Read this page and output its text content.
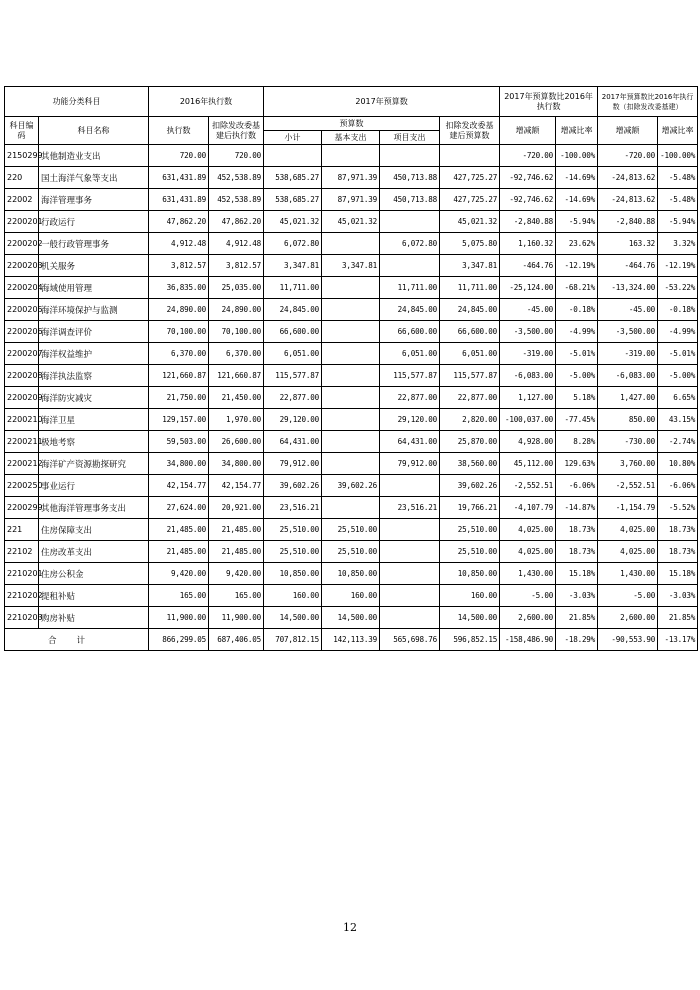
功能分类科目		2016年执行数		2017年预算数				2017年预算数比2016年执行数		2017年预算数比2016年执行数（扣除发改委基建）	
科目编码	科目名称	执行数	扣除发改委基建后执行数	预算数			扣除发改委基建后预算数	增减额	增减比率	增减额	增减比率
				小计	基本支出	项目支出					
2150299	其他制造业支出	720.00	720.00					-720.00	-100.00%	-720.00	-100.00%
220	国土海洋气象等支出	631,431.89	452,538.89	538,685.27	87,971.39	450,713.88	427,725.27	-92,746.62	-14.69%	-24,813.62	-5.48%
22002	海洋管理事务	631,431.89	452,538.89	538,685.27	87,971.39	450,713.88	427,725.27	-92,746.62	-14.69%	-24,813.62	-5.48%
2200201	行政运行	47,862.20	47,862.20	45,021.32	45,021.32		45,021.32	-2,840.88	-5.94%	-2,840.88	-5.94%
2200202	一般行政管理事务	4,912.48	4,912.48	6,072.80		6,072.80	5,075.80	1,160.32	23.62%	163.32	3.32%
2200203	机关服务	3,812.57	3,812.57	3,347.81	3,347.81		3,347.81	-464.76	-12.19%	-464.76	-12.19%
2200204	海域使用管理	36,835.00	25,035.00	11,711.00		11,711.00	11,711.00	-25,124.00	-68.21%	-13,324.00	-53.22%
2200205	海洋环境保护与监测	24,890.00	24,890.00	24,845.00		24,845.00	24,845.00	-45.00	-0.18%	-45.00	-0.18%
2200206	海洋调查评价	70,100.00	70,100.00	66,600.00		66,600.00	66,600.00	-3,500.00	-4.99%	-3,500.00	-4.99%
2200207	海洋权益维护	6,370.00	6,370.00	6,051.00		6,051.00	6,051.00	-319.00	-5.01%	-319.00	-5.01%
2200208	海洋执法监察	121,660.87	121,660.87	115,577.87		115,577.87	115,577.87	-6,083.00	-5.00%	-6,083.00	-5.00%
2200209	海洋防灾减灾	21,750.00	21,450.00	22,877.00		22,877.00	22,877.00	1,127.00	5.18%	1,427.00	6.65%
2200210	海洋卫星	129,157.00	1,970.00	29,120.00		29,120.00	2,820.00	-100,037.00	-77.45%	850.00	43.15%
2200211	极地考察	59,503.00	26,600.00	64,431.00		64,431.00	25,870.00	4,928.00	8.28%	-730.00	-2.74%
2200212	海洋矿产资源勘探研究	34,800.00	34,800.00	79,912.00		79,912.00	38,560.00	45,112.00	129.63%	3,760.00	10.80%
2200250	事业运行	42,154.77	42,154.77	39,602.26	39,602.26		39,602.26	-2,552.51	-6.06%	-2,552.51	-6.06%
2200299	其他海洋管理事务支出	27,624.00	20,921.00	23,516.21		23,516.21	19,766.21	-4,107.79	-14.87%	-1,154.79	-5.52%
221	住房保障支出	21,485.00	21,485.00	25,510.00	25,510.00		25,510.00	4,025.00	18.73%	4,025.00	18.73%
22102	住房改革支出	21,485.00	21,485.00	25,510.00	25,510.00		25,510.00	4,025.00	18.73%	4,025.00	18.73%
2210201	住房公积金	9,420.00	9,420.00	10,850.00	10,850.00		10,850.00	1,430.00	15.18%	1,430.00	15.18%
2210202	提租补贴	165.00	165.00	160.00	160.00		160.00	-5.00	-3.03%	-5.00	-3.03%
2210203	购房补贴	11,900.00	11,900.00	14,500.00	14,500.00		14,500.00	2,600.00	21.85%	2,600.00	21.85%
合计		866,299.05	687,406.05	707,812.15	142,113.39	565,698.76	596,852.15	-158,486.90	-18.29%	-90,553.90	-13.17%
12
